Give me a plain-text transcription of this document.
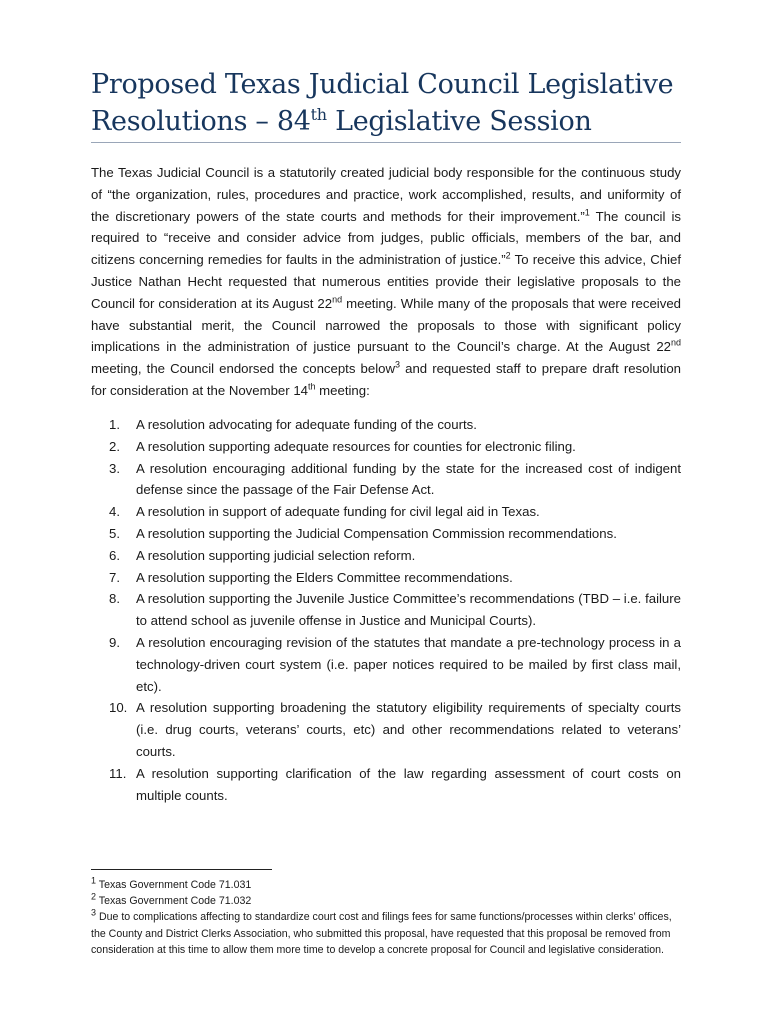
Proposed Texas Judicial Council Legislative
Resolutions – 84th Legislative Session

The Texas Judicial Council is a statutorily created judicial body responsible for the continuous study of “the organization, rules, procedures and practice, work accomplished, results, and uniformity of the discretionary powers of the state courts and methods for their improvement.”$^1$ The council is required to “receive and consider advice from judges, public officials, members of the bar, and citizens concerning remedies for faults in the administration of justice.”$^2$ To receive this advice, Chief Justice Nathan Hecht requested that numerous entities provide their legislative proposals to the Council for consideration at its August 22nd meeting. While many of the proposals that were received have substantial merit, the Council narrowed the proposals to those with significant policy implications in the administration of justice pursuant to the Council’s charge. At the August 22nd meeting, the Council endorsed the concepts below$^3$ and requested staff to prepare draft resolution for consideration at the November 14th meeting:

1. A resolution advocating for adequate funding of the courts.
2. A resolution supporting adequate resources for counties for electronic filing.
3. A resolution encouraging additional funding by the state for the increased cost of indigent defense since the passage of the Fair Defense Act.
4. A resolution in support of adequate funding for civil legal aid in Texas.
5. A resolution supporting the Judicial Compensation Commission recommendations.
6. A resolution supporting judicial selection reform.
7. A resolution supporting the Elders Committee recommendations.
8. A resolution supporting the Juvenile Justice Committee’s recommendations (TBD – i.e. failure to attend school as juvenile offense in Justice and Municipal Courts).
9. A resolution encouraging revision of the statutes that mandate a pre-technology process in a technology-driven court system (i.e. paper notices required to be mailed by first class mail, etc).
10. A resolution supporting broadening the statutory eligibility requirements of specialty courts (i.e. drug courts, veterans’ courts, etc) and other recommendations related to veterans’ courts.
11. A resolution supporting clarification of the law regarding assessment of court costs on multiple counts.
$^1$ Texas Government Code 71.031
$^2$ Texas Government Code 71.032
$^3$ Due to complications affecting to standardize court cost and filings fees for same functions/processes within clerks’ offices, the County and District Clerks Association, who submitted this proposal, have requested that this proposal be removed from consideration at this time to allow them more time to develop a concrete proposal for Council and legislative consideration.
